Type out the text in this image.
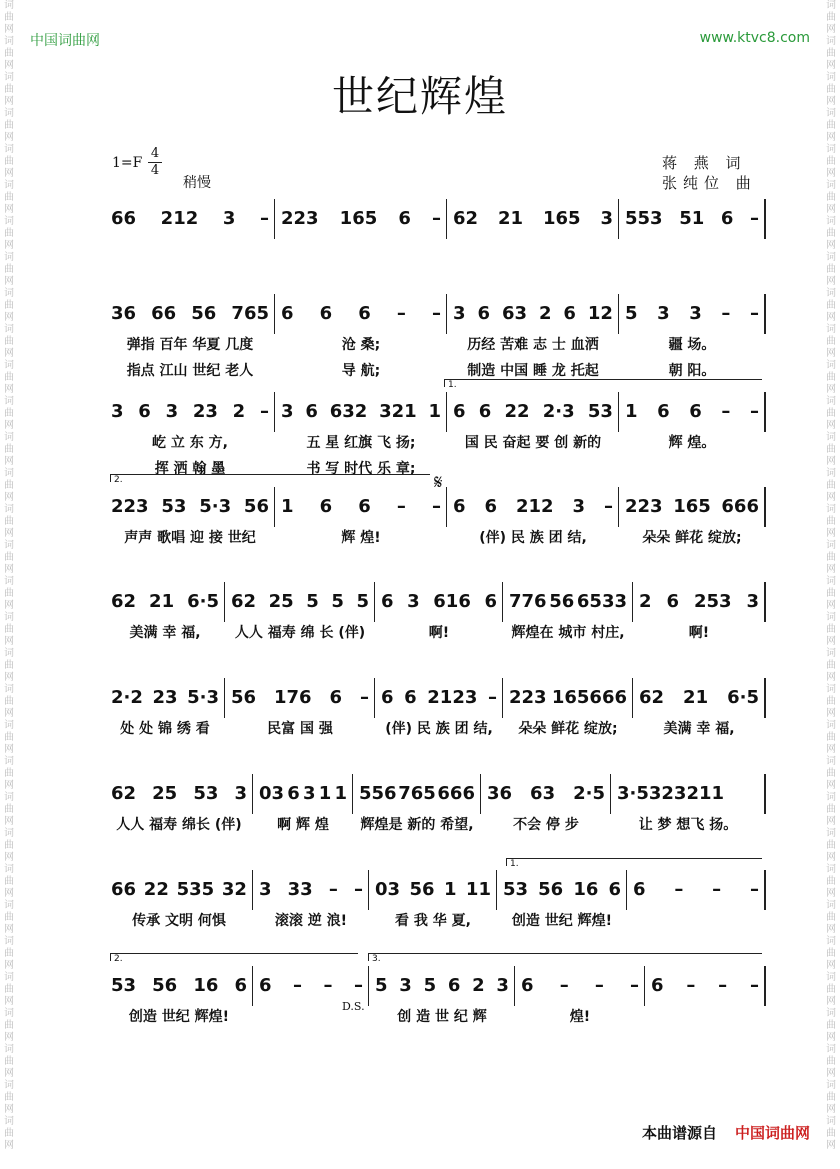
词曲网词曲网词曲网词曲网词曲网词曲网词曲网词曲网词曲网词曲网词曲网词曲网词曲网词曲网词曲网词曲网词曲网词曲网词曲网词曲网词曲网词曲网词曲网词曲网词曲网词曲网词曲网词曲网词曲网词曲网词曲网词曲网
词曲网词曲网词曲网词曲网词曲网词曲网词曲网词曲网词曲网词曲网词曲网词曲网词曲网词曲网词曲网词曲网词曲网词曲网词曲网词曲网词曲网词曲网词曲网词曲网词曲网词曲网词曲网词曲网词曲网词曲网词曲网词曲网
中国词曲网	www.ktvc8.com
世纪辉煌
$1=F \frac{4}{4}$
稍慢
蒋 燕 词
张纯位 曲
66 212 3 – 223 165 6 – 62 21 165 3 553 51 6 –
36 66 56 765 6 6 6 – – 3 6 63 2 6 12 5 3 3 – –
弹指 百年 华夏 几度	沧 桑;	历经 苦难 志 士 血洒	疆 场。
指点 江山 世纪 老人	导 航;	制造 中国 睡 龙 托起	朝 阳。
3 6 3 23 2 – 3 6 632 321 1 6 6 22 2·3 53 1 6 6 – –
屹 立 东 方,	五 星 红旗 飞 扬;	国 民 奋起 要 创 新的	辉 煌。
挥 洒 翰 墨	书 写 时代 乐 章;
223 53 5·3 56 1 6 6 – – 6 6 212 3 – 223 165 666
声声 歌唱 迎 接 世纪	辉 煌!	(伴) 民 族 团 结,	朵朵 鲜花 绽放;
62 21 6·5 62 25 5 5 5 6 3 616 6 776 56 6533 2 6 253 3
美满 幸 福,	人人 福寿 绵 长 (伴)	啊!	辉煌在 城市 村庄,	啊!
2·2 23 5·3 56 176 6 – 6 6 2123 – 223 165666 62 21 6·5
处 处 锦 绣 看	民富 国 强	(伴) 民 族 团 结,	朵朵 鲜花 绽放;	美满 幸 福,
62 25 53 3 03 6 3 1 1 556 765 666 36 63 2·5 3·5323211
人人 福寿 绵长 (伴)	啊 辉 煌	辉煌是 新的 希望,	不会 停 步	让 梦 想飞 扬。
66 22 535 32 3 33 – – 03 56 1 11 53 56 16 6 6 – – –
传承 文明 何惧	滚滚 逆 浪!	看 我 华 夏,	创造 世纪 辉煌!
53 56 16 6 6 – – – 5 3 5 6 2 3 6 – – – 6 – – –
创造 世纪 辉煌!	创 造 世 纪 辉	煌!
本曲谱源自 中国词曲网
1.
2.
1.
2.	3.
𝄋
D.S.
